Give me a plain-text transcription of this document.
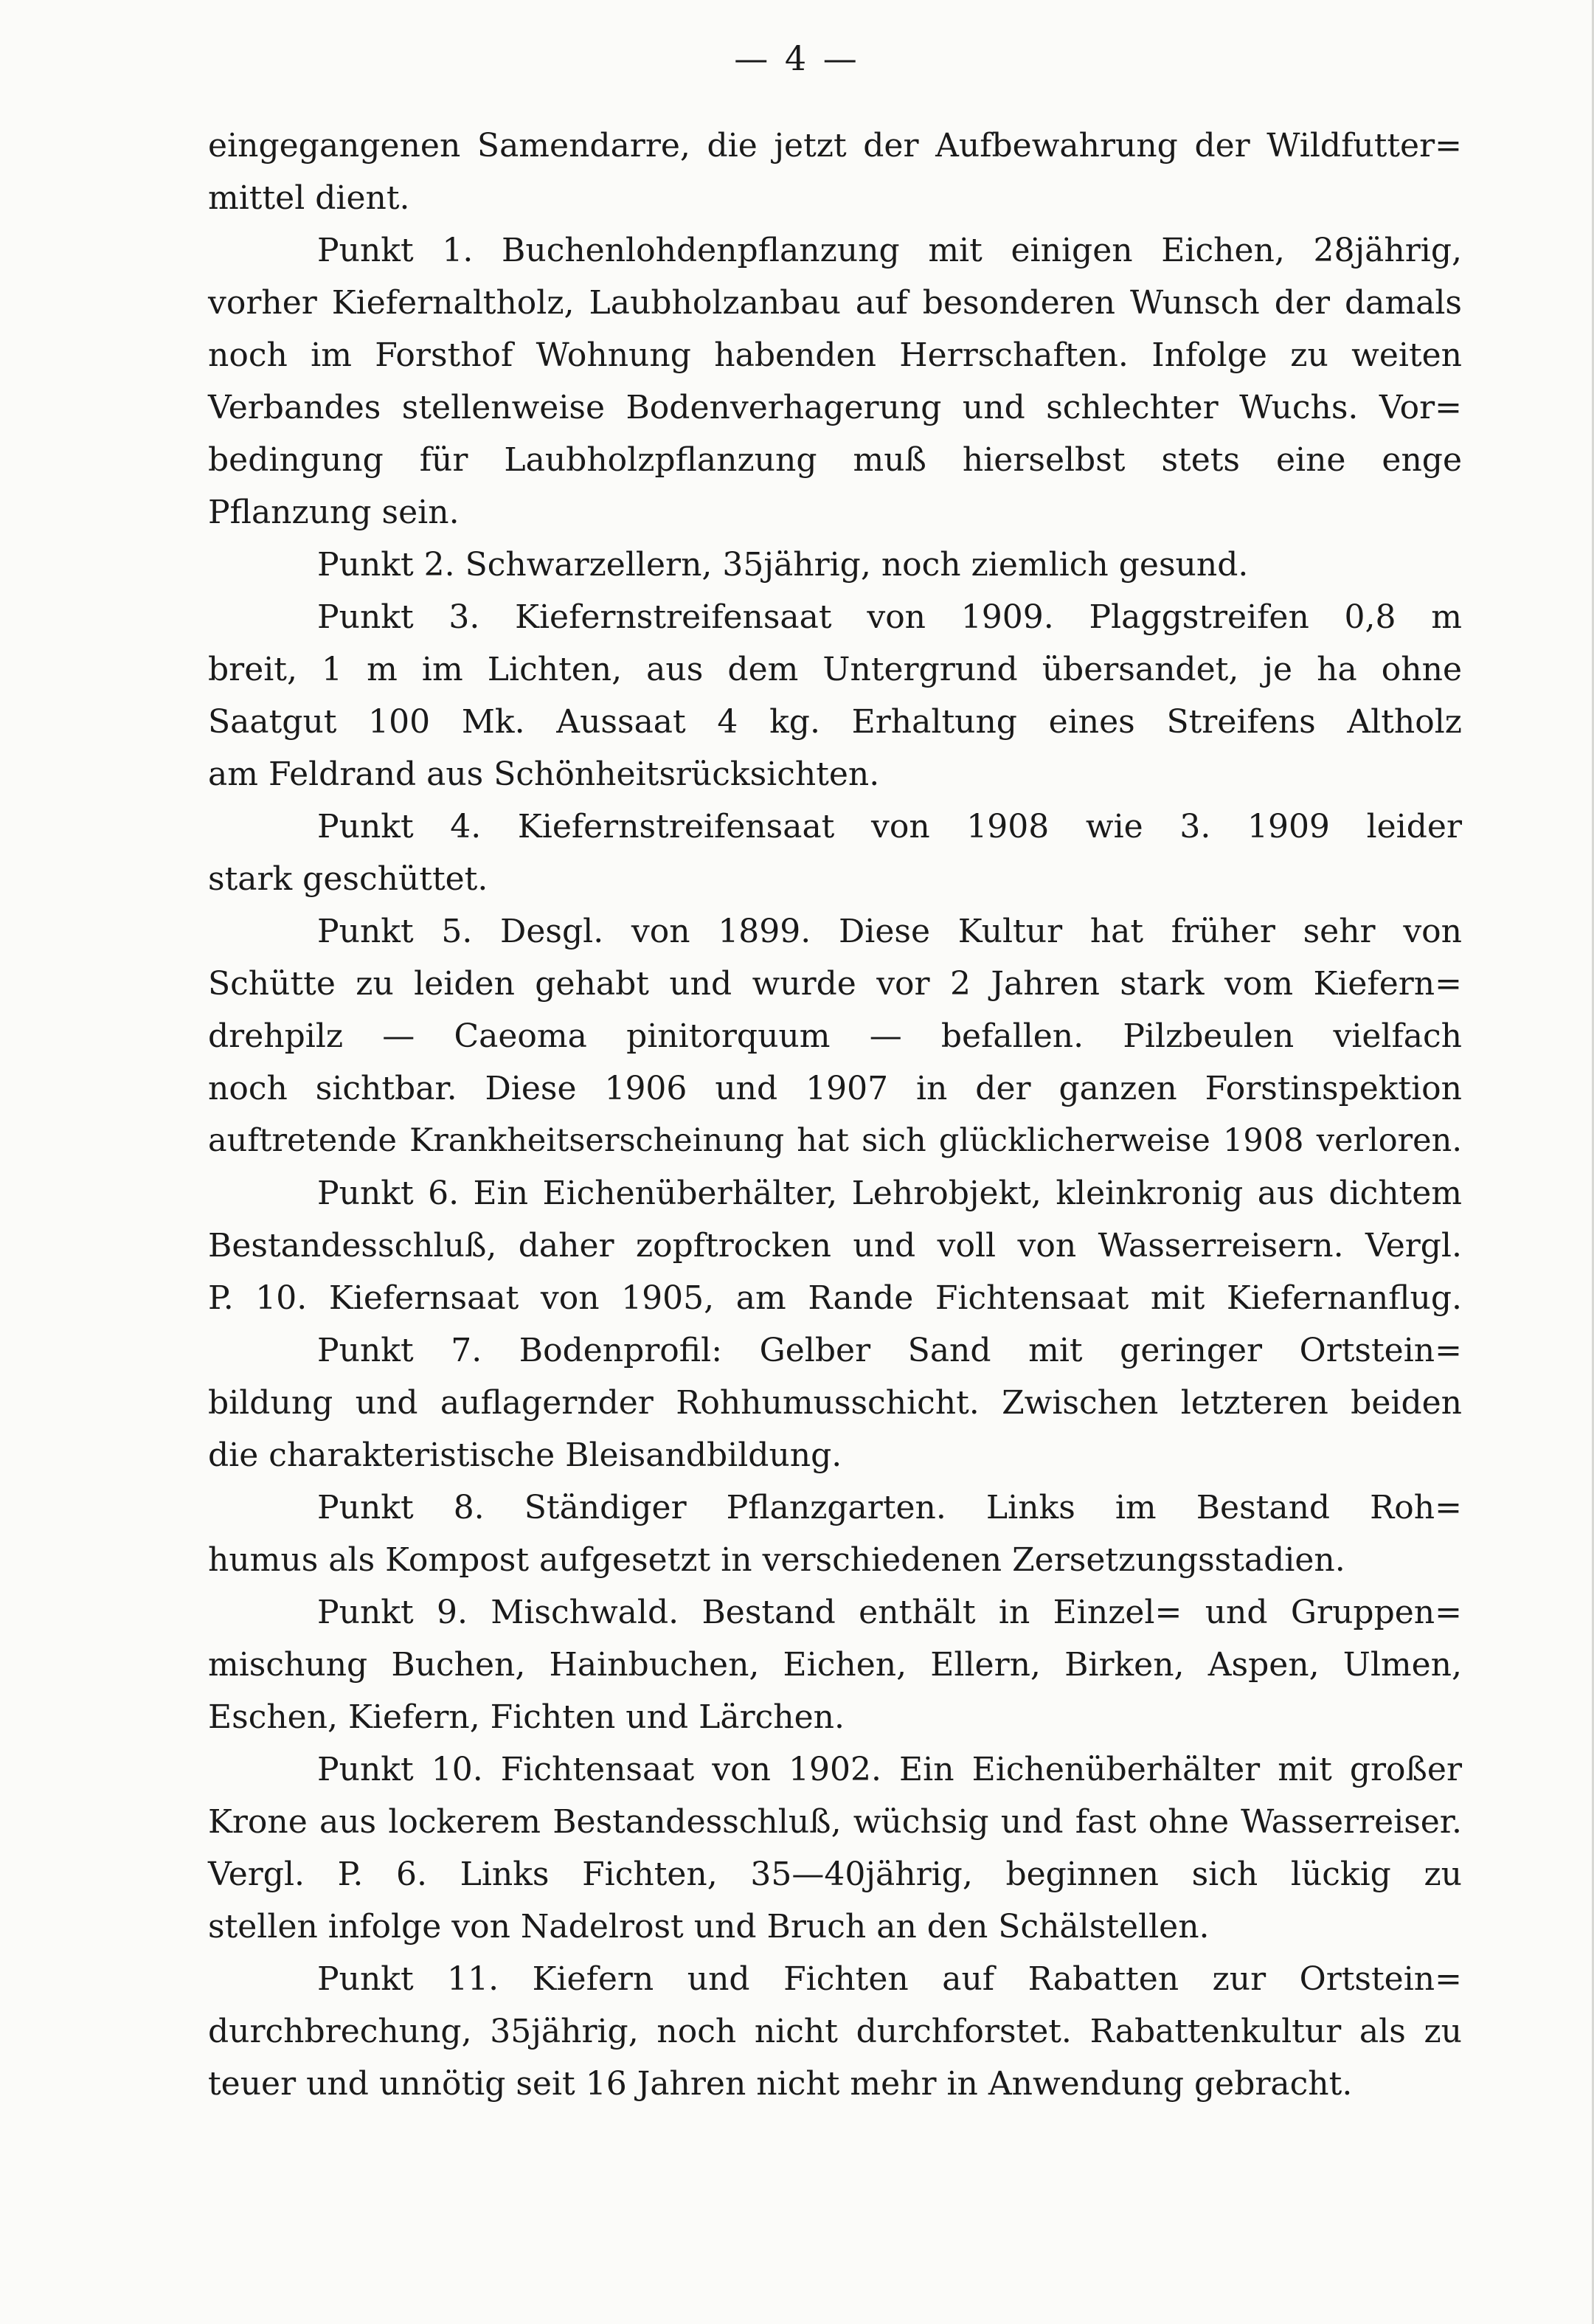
— 4 —
eingegangenen Samendarre, die jetzt der Aufbewahrung der Wildfutter=
mittel dient.
Punkt 1. Buchenlohdenpflanzung mit einigen Eichen, 28jährig,
vorher Kiefernaltholz, Laubholzanbau auf besonderen Wunsch der damals
noch im Forsthof Wohnung habenden Herrschaften. Infolge zu weiten
Verbandes stellenweise Bodenverhagerung und schlechter Wuchs. Vor=
bedingung für Laubholzpflanzung muß hierselbst stets eine enge
Pflanzung sein.
Punkt 2. Schwarzellern, 35jährig, noch ziemlich gesund.
Punkt 3. Kiefernstreifensaat von 1909. Plaggstreifen 0,8 m
breit, 1 m im Lichten, aus dem Untergrund übersandet, je ha ohne
Saatgut 100 Mk. Aussaat 4 kg. Erhaltung eines Streifens Altholz
am Feldrand aus Schönheitsrücksichten.
Punkt 4. Kiefernstreifensaat von 1908 wie 3. 1909 leider
stark geschüttet.
Punkt 5. Desgl. von 1899. Diese Kultur hat früher sehr von
Schütte zu leiden gehabt und wurde vor 2 Jahren stark vom Kiefern=
drehpilz — Caeoma pinitorquum — befallen. Pilzbeulen vielfach
noch sichtbar. Diese 1906 und 1907 in der ganzen Forstinspektion
auftretende Krankheitserscheinung hat sich glücklicherweise 1908 verloren.
Punkt 6. Ein Eichenüberhälter, Lehrobjekt, kleinkronig aus dichtem
Bestandesschluß, daher zopftrocken und voll von Wasserreisern. Vergl.
P. 10. Kiefernsaat von 1905, am Rande Fichtensaat mit Kiefernanflug.
Punkt 7. Bodenprofil: Gelber Sand mit geringer Ortstein=
bildung und auflagernder Rohhumusschicht. Zwischen letzteren beiden
die charakteristische Bleisandbildung.
Punkt 8. Ständiger Pflanzgarten. Links im Bestand Roh=
humus als Kompost aufgesetzt in verschiedenen Zersetzungsstadien.
Punkt 9. Mischwald. Bestand enthält in Einzel= und Gruppen=
mischung Buchen, Hainbuchen, Eichen, Ellern, Birken, Aspen, Ulmen,
Eschen, Kiefern, Fichten und Lärchen.
Punkt 10. Fichtensaat von 1902. Ein Eichenüberhälter mit großer
Krone aus lockerem Bestandesschluß, wüchsig und fast ohne Wasserreiser.
Vergl. P. 6. Links Fichten, 35—40jährig, beginnen sich lückig zu
stellen infolge von Nadelrost und Bruch an den Schälstellen.
Punkt 11. Kiefern und Fichten auf Rabatten zur Ortstein=
durchbrechung, 35jährig, noch nicht durchforstet. Rabattenkultur als zu
teuer und unnötig seit 16 Jahren nicht mehr in Anwendung gebracht.
